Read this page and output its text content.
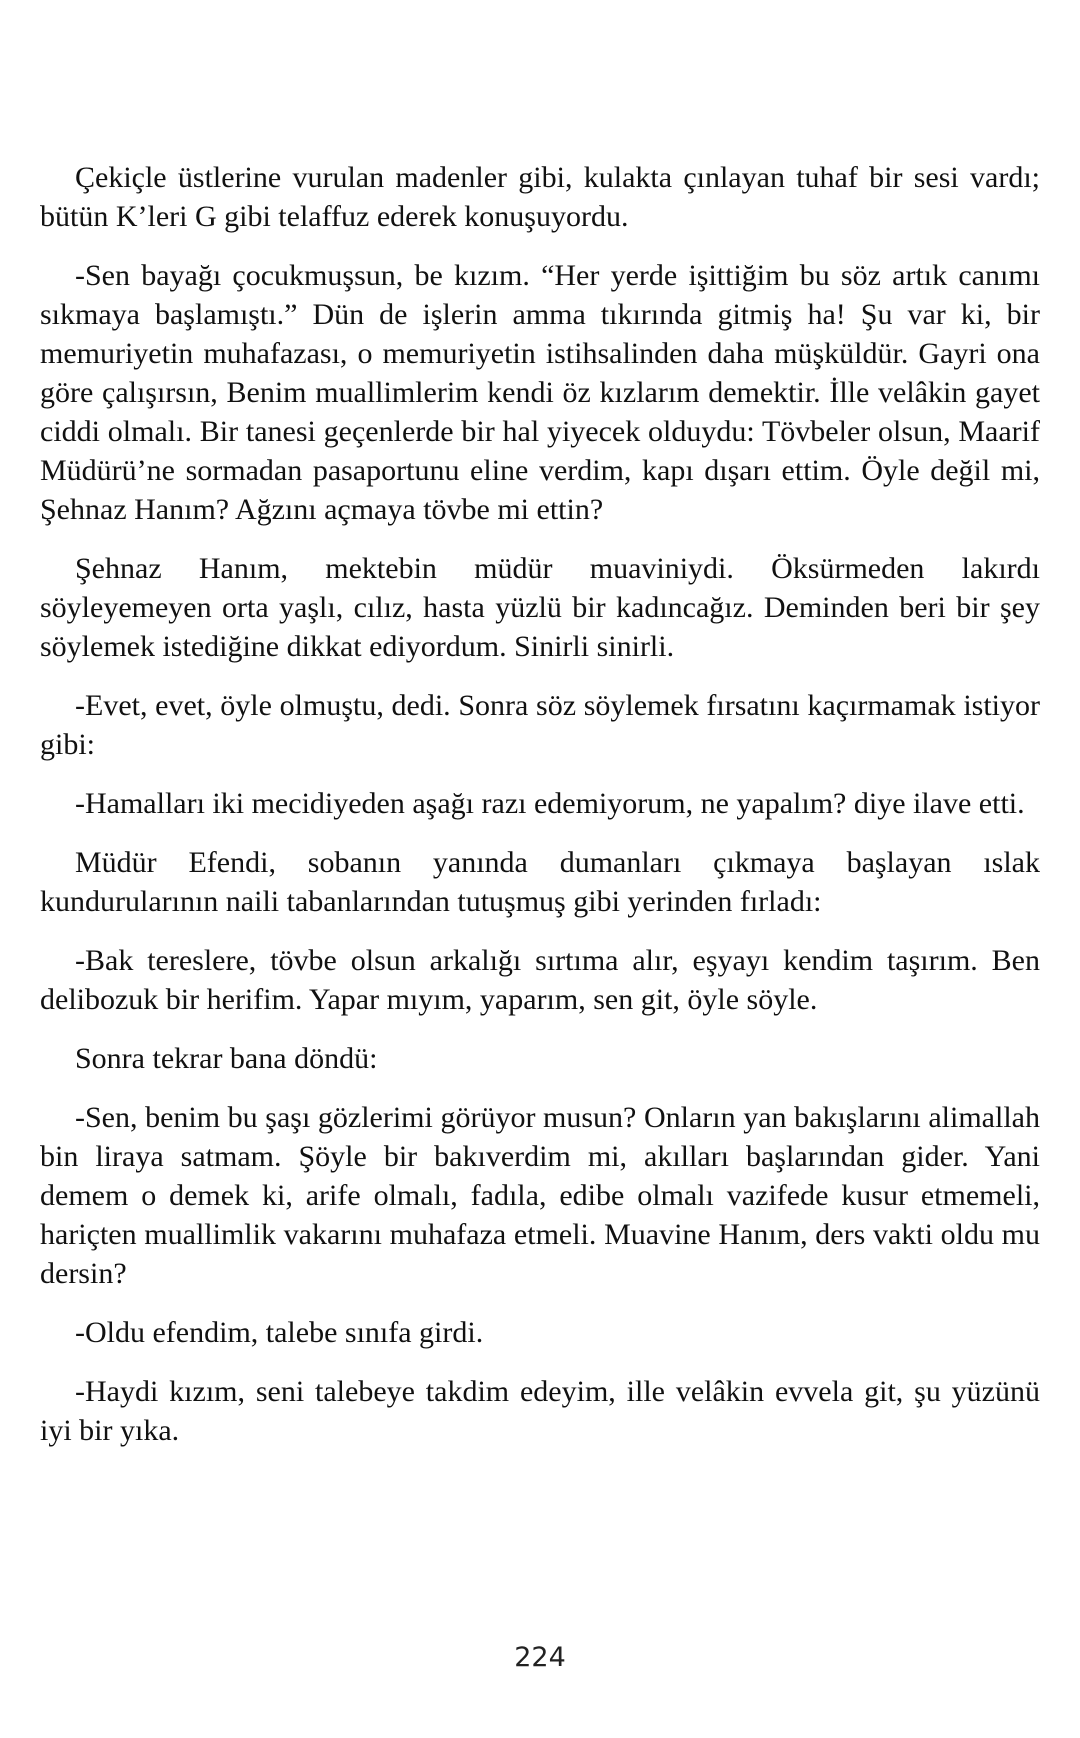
Çekiçle üstlerine vurulan madenler gibi, kulakta çınlayan tuhaf bir sesi vardı; bütün K’leri G gibi telaffuz ederek konuşuyordu.

-Sen bayağı çocukmuşsun, be kızım. “Her yerde işittiğim bu söz artık canımı sıkmaya başlamıştı.” Dün de işlerin amma tıkırında gitmiş ha! Şu var ki, bir memuriyetin muhafazası, o memuriyetin istihsalinden daha müşküldür. Gayri ona göre çalışırsın, Benim muallimlerim kendi öz kızlarım demektir. İlle velâkin gayet ciddi olmalı. Bir tanesi geçenlerde bir hal yiyecek olduydu: Tövbeler olsun, Maarif Müdürü’ne sormadan pasaportunu eline verdim, kapı dışarı ettim. Öyle değil mi, Şehnaz Hanım? Ağzını açmaya tövbe mi ettin?

Şehnaz Hanım, mektebin müdür muaviniydi. Öksürmeden lakırdı söyleyemeyen orta yaşlı, cılız, hasta yüzlü bir kadıncağız. Deminden beri bir şey söylemek istediğine dikkat ediyordum. Sinirli sinirli.

-Evet, evet, öyle olmuştu, dedi. Sonra söz söylemek fırsatını kaçırmamak istiyor gibi:

-Hamalları iki mecidiyeden aşağı razı edemiyorum, ne yapalım? diye ilave etti.

Müdür Efendi, sobanın yanında dumanları çıkmaya başlayan ıslak kundurularının naili tabanlarından tutuşmuş gibi yerinden fırladı:

-Bak tereslere, tövbe olsun arkalığı sırtıma alır, eşyayı kendim taşırım. Ben delibozuk bir herifim. Yapar mıyım, yaparım, sen git, öyle söyle.

Sonra tekrar bana döndü:

-Sen, benim bu şaşı gözlerimi görüyor musun? Onların yan bakışlarını alimallah bin liraya satmam. Şöyle bir bakıverdim mi, akılları başlarından gider. Yani demem o demek ki, arife olmalı, fadıla, edibe olmalı vazifede kusur etmemeli, hariçten muallimlik vakarını muhafaza etmeli. Muavine Hanım, ders vakti oldu mu dersin?

-Oldu efendim, talebe sınıfa girdi.

-Haydi kızım, seni talebeye takdim edeyim, ille velâkin evvela git, şu yüzünü iyi bir yıka.

224
